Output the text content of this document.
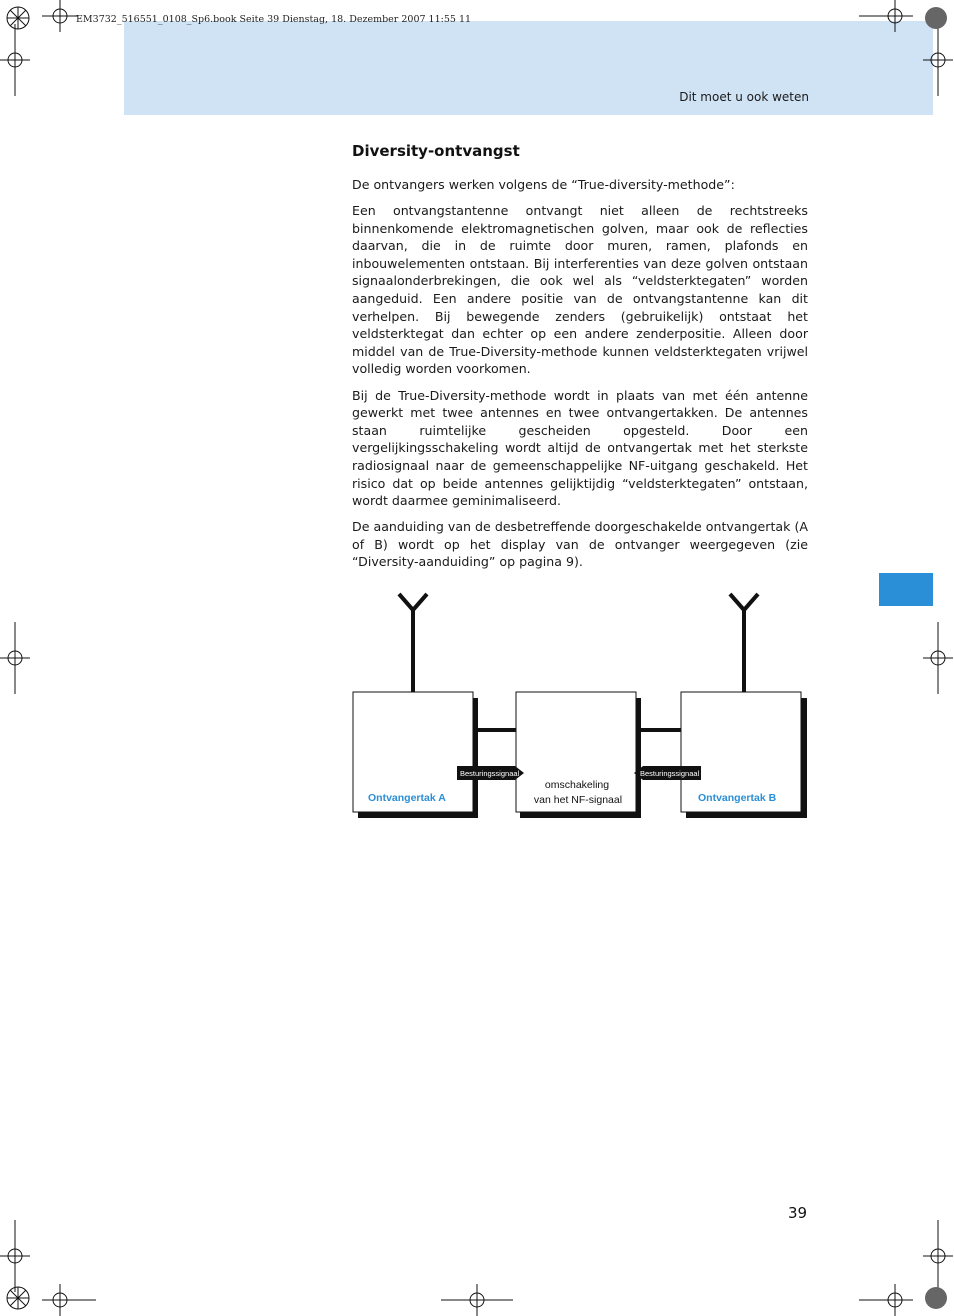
Dit moet u ook weten
EM3732_516551_0108_Sp6.book Seite 39 Dienstag, 18. Dezember 2007 11:55 11
Diversity-ontvangst

De ontvangers werken volgens de “True-diversity-methode”:

Een ontvangstantenne ontvangt niet alleen de rechtstreeks binnenkomende elektromagnetischen golven, maar ook de reflecties daarvan, die in de ruimte door muren, ramen, plafonds en inbouwelementen ontstaan. Bij interferenties van deze golven ontstaan signaalonderbrekingen, die ook wel als “veldsterktegaten” worden aangeduid. Een andere positie van de ontvangstantenne kan dit verhelpen. Bij bewegende zenders (gebruikelijk) ontstaat het veldsterktegat dan echter op een andere zenderpositie. Alleen door middel van de True-Diversity-methode kunnen veldsterktegaten vrijwel volledig worden voorkomen.

Bij de True-Diversity-methode wordt in plaats van met één antenne gewerkt met twee antennes en twee ontvangertakken. De antennes staan ruimtelijke gescheiden opgesteld. Door een vergelijkingsschakeling wordt altijd de ontvangertak met het sterkste radiosignaal naar de gemeenschappelijke NF-uitgang geschakeld. Het risico dat op beide antennes gelijktijdig “veldsterktegaten” ontstaan, wordt daarmee geminimaliseerd.

De aanduiding van de desbetreffende doorgeschakelde ontvangertak (A of B) wordt op het display van de ontvanger weergegeven (zie “Diversity-aanduiding” op pagina 9).

Besturingssignaal	Besturingssignaal
Ontvangertak A	Ontvangertak B
omschakeling
van het NF-signaal
39
